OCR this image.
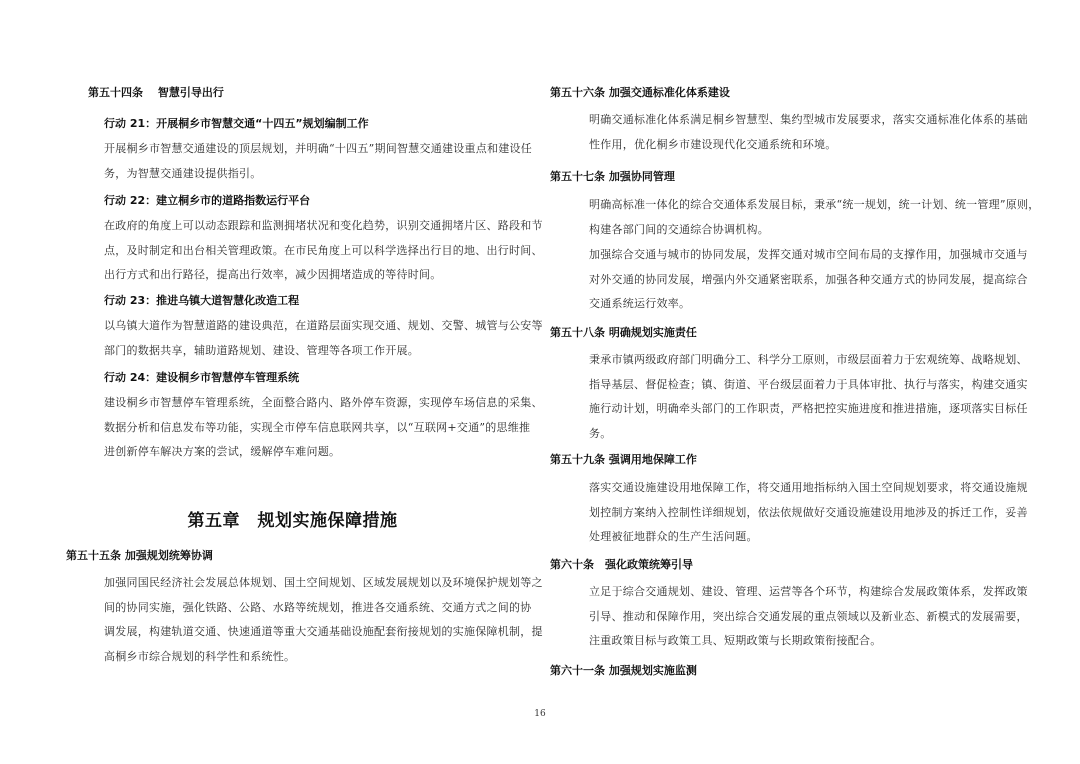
第五十四条　 智慧引导出行
行动 21：开展桐乡市智慧交通“十四五”规划编制工作
开展桐乡市智慧交通建设的顶层规划，并明确“十四五”期间智慧交通建设重点和建设任
务，为智慧交通建设提供指引。
行动 22：建立桐乡市的道路指数运行平台
在政府的角度上可以动态跟踪和监测拥堵状况和变化趋势，识别交通拥堵片区、路段和节
点，及时制定和出台相关管理政策。在市民角度上可以科学选择出行目的地、出行时间、
出行方式和出行路径，提高出行效率，减少因拥堵造成的等待时间。
行动 23：推进乌镇大道智慧化改造工程
以乌镇大道作为智慧道路的建设典范，在道路层面实现交通、规划、交警、城管与公安等
部门的数据共享，辅助道路规划、建设、管理等各项工作开展。
行动 24：建设桐乡市智慧停车管理系统
建设桐乡市智慧停车管理系统，全面整合路内、路外停车资源，实现停车场信息的采集、
数据分析和信息发布等功能，实现全市停车信息联网共享，以“互联网+交通”的思维推
进创新停车解决方案的尝试，缓解停车难问题。
第五章　规划实施保障措施
第五十五条 加强规划统筹协调
加强同国民经济社会发展总体规划、国土空间规划、区域发展规划以及环境保护规划等之
间的协同实施，强化铁路、公路、水路等统规划，推进各交通系统、交通方式之间的协
调发展，构建轨道交通、快速通道等重大交通基础设施配套衔接规划的实施保障机制，提
高桐乡市综合规划的科学性和系统性。
第五十六条 加强交通标准化体系建设
明确交通标准化体系满足桐乡智慧型、集约型城市发展要求，落实交通标准化体系的基础
性作用，优化桐乡市建设现代化交通系统和环境。
第五十七条 加强协同管理
明确高标准一体化的综合交通体系发展目标，秉承“统一规划，统一计划、统一管理”原则，
构建各部门间的交通综合协调机构。
加强综合交通与城市的协同发展，发挥交通对城市空间布局的支撑作用，加强城市交通与
对外交通的协同发展，增强内外交通紧密联系，加强各种交通方式的协同发展，提高综合
交通系统运行效率。
第五十八条 明确规划实施责任
秉承市镇两级政府部门明确分工、科学分工原则，市级层面着力于宏观统筹、战略规划、
指导基层、督促检查；镇、街道、平台级层面着力于具体审批、执行与落实，构建交通实
施行动计划，明确牵头部门的工作职责，严格把控实施进度和推进措施，逐项落实目标任
务。
第五十九条 强调用地保障工作
落实交通设施建设用地保障工作，将交通用地指标纳入国土空间规划要求，将交通设施规
划控制方案纳入控制性详细规划，依法依规做好交通设施建设用地涉及的拆迁工作，妥善
处理被征地群众的生产生活问题。
第六十条　强化政策统筹引导
立足于综合交通规划、建设、管理、运营等各个环节，构建综合发展政策体系，发挥政策
引导、推动和保障作用，突出综合交通发展的重点领域以及新业态、新模式的发展需要，
注重政策目标与政策工具、短期政策与长期政策衔接配合。
第六十一条 加强规划实施监测
16
